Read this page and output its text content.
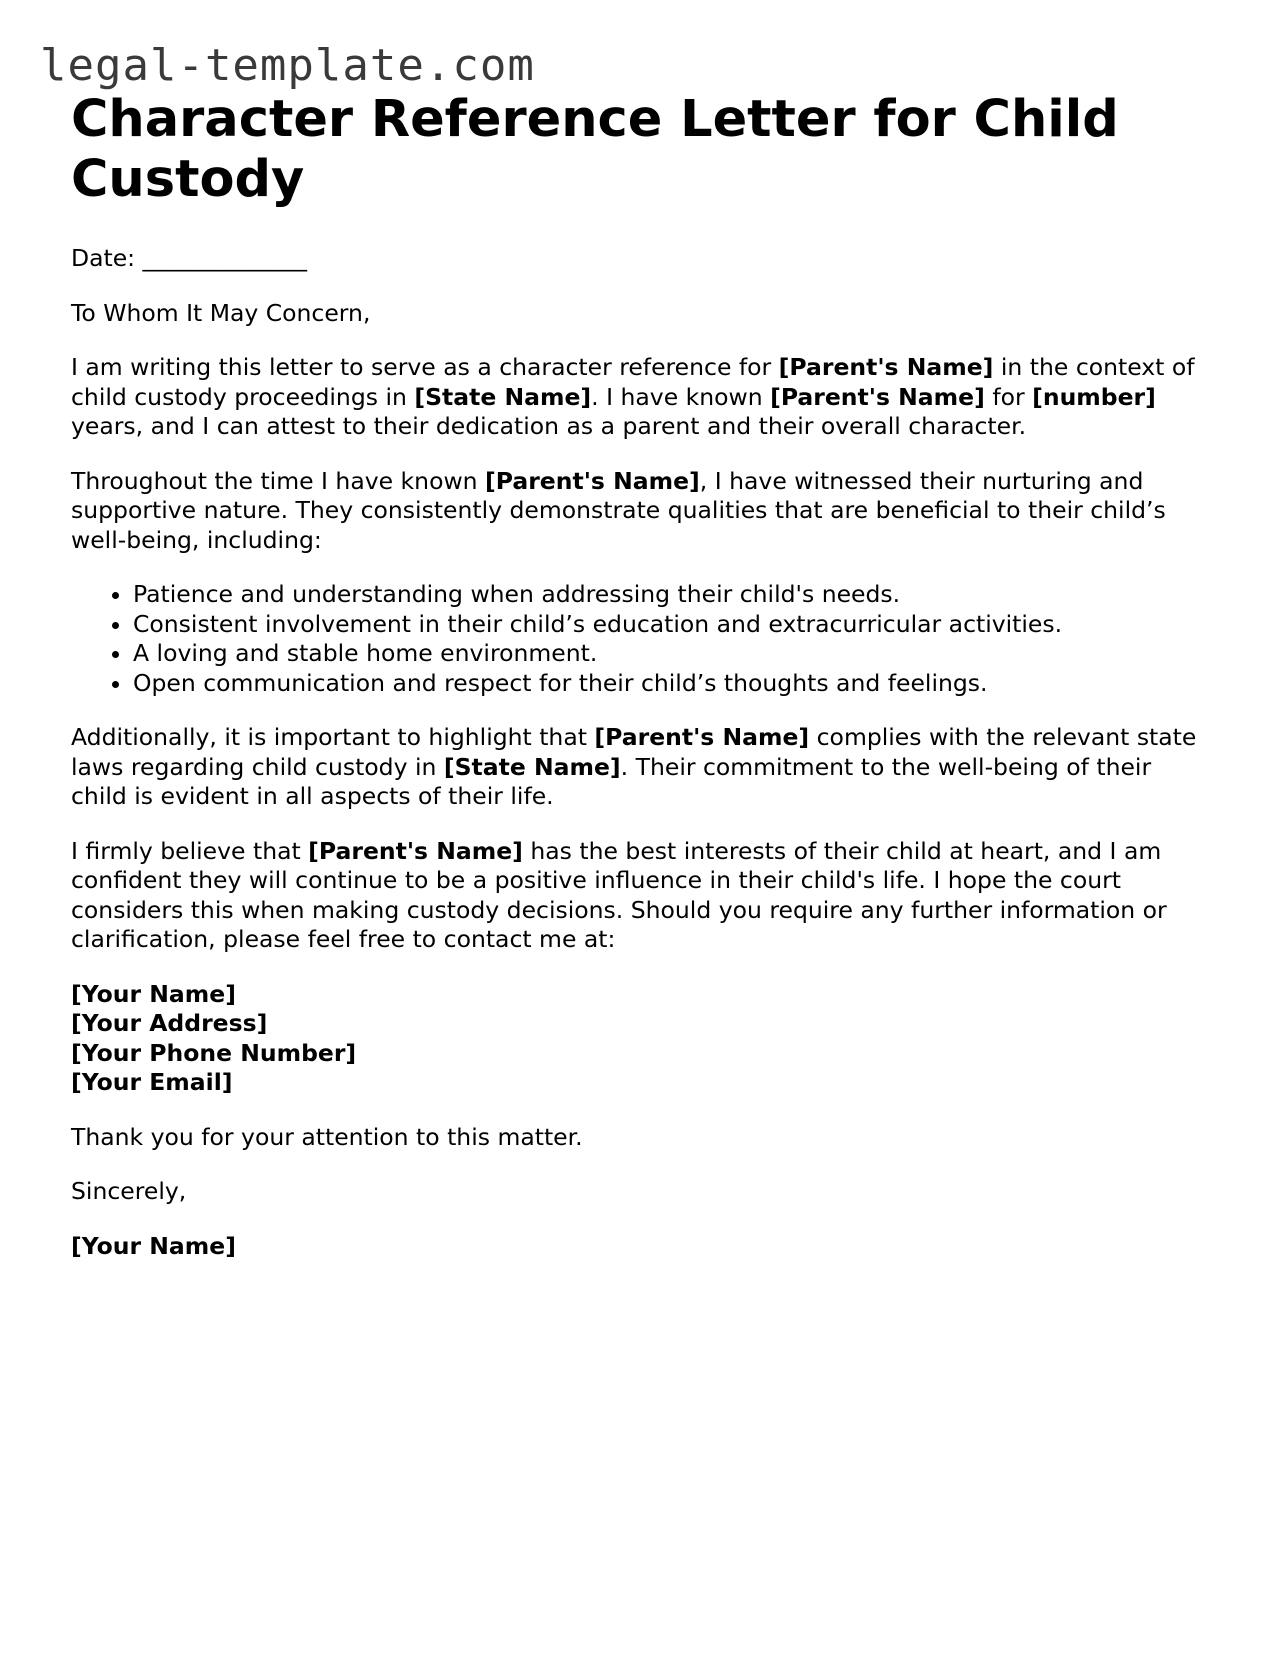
legal-template.com
Character Reference Letter for Child Custody

Date: ______________

To Whom It May Concern,

I am writing this letter to serve as a character reference for [Parent's Name] in the context of child custody proceedings in [State Name]. I have known [Parent's Name] for [number] years, and I can attest to their dedication as a parent and their overall character.

Throughout the time I have known [Parent's Name], I have witnessed their nurturing and supportive nature. They consistently demonstrate qualities that are beneficial to their child’s well-being, including:

• Patience and understanding when addressing their child's needs.
• Consistent involvement in their child’s education and extracurricular activities.
• A loving and stable home environment.
• Open communication and respect for their child’s thoughts and feelings.

Additionally, it is important to highlight that [Parent's Name] complies with the relevant state laws regarding child custody in [State Name]. Their commitment to the well-being of their child is evident in all aspects of their life.

I firmly believe that [Parent's Name] has the best interests of their child at heart, and I am confident they will continue to be a positive influence in their child's life. I hope the court considers this when making custody decisions. Should you require any further information or clarification, please feel free to contact me at:

[Your Name]
[Your Address]
[Your Phone Number]
[Your Email]

Thank you for your attention to this matter.

Sincerely,

[Your Name]
